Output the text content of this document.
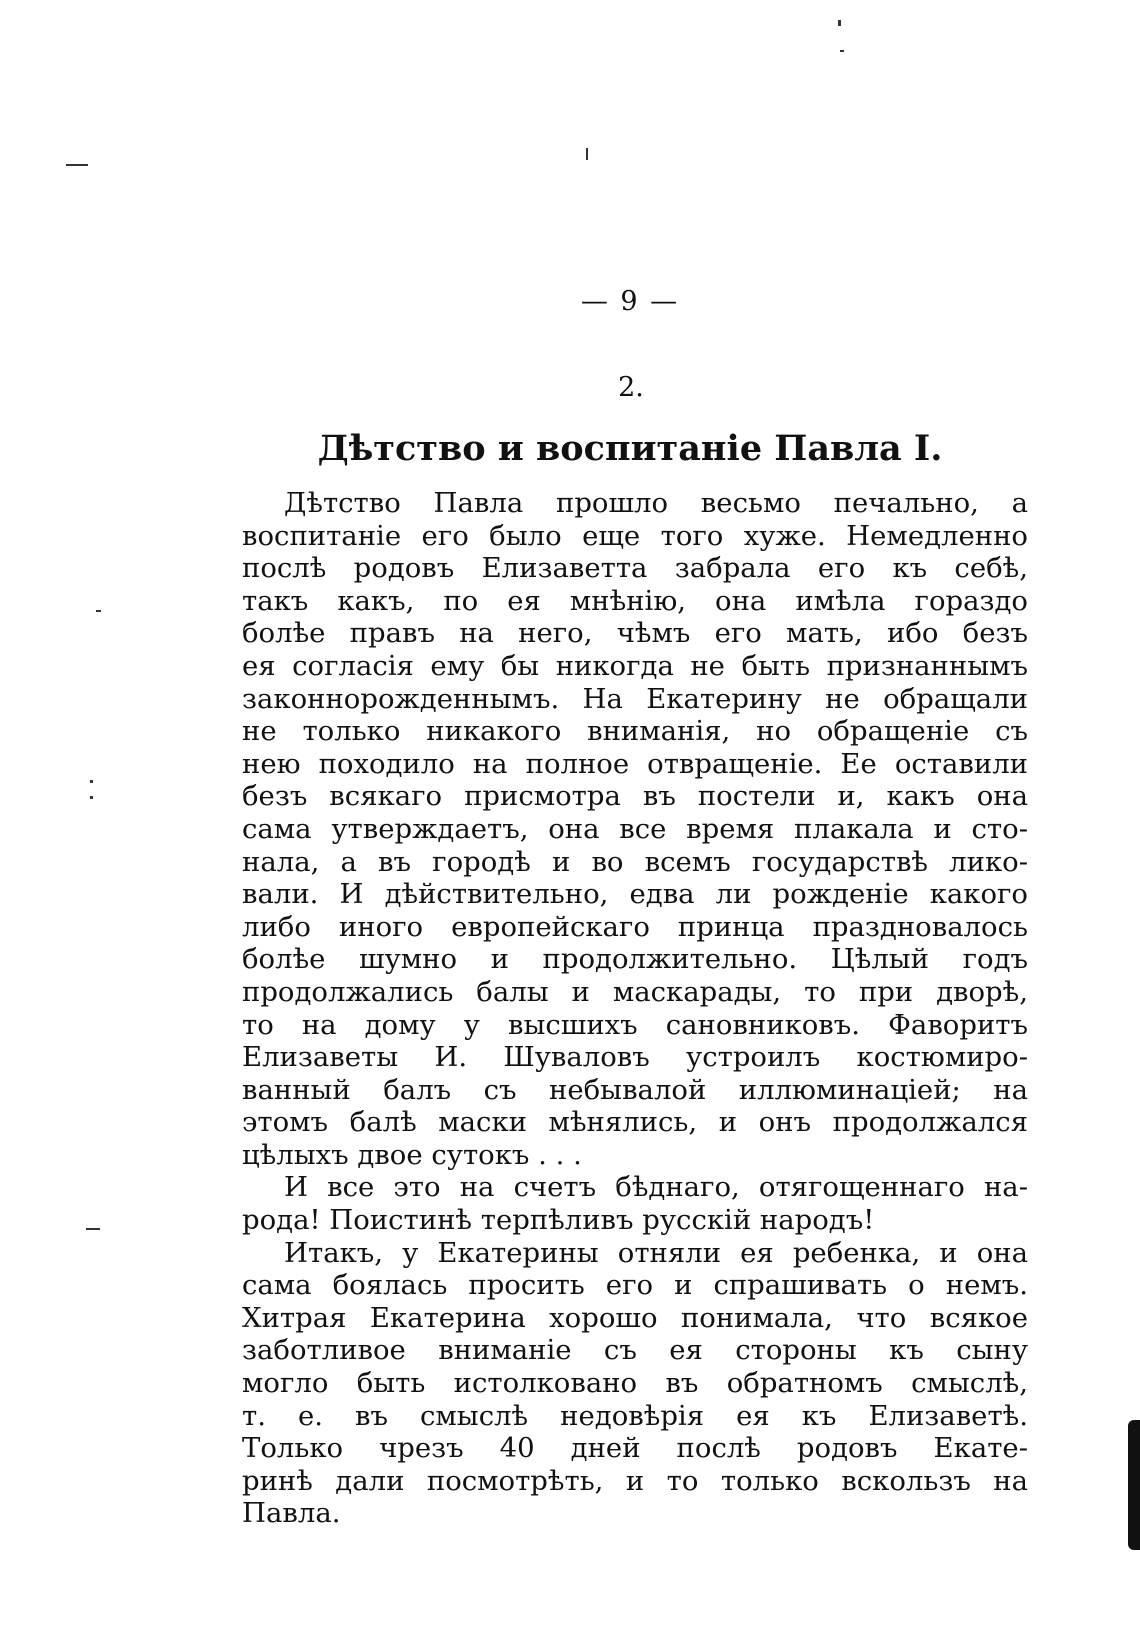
— 9 —
2.
Дѣтство и воспитаніе Павла I.
Дѣтство Павла прошло весьмо печально, а
воспитаніе его было еще того хуже. Немедленно
послѣ родовъ Елизаветта забрала его къ себѣ,
такъ какъ, по ея мнѣнію, она имѣла гораздо
болѣе правъ на него, чѣмъ его мать, ибо безъ
ея согласія ему бы никогда не быть признаннымъ
законнорожденнымъ. На Екатерину не обращали
не только никакого вниманія, но обращеніе съ
нею походило на полное отвращеніе. Ее оставили
безъ всякаго присмотра въ постели и, какъ она
сама утверждаетъ, она все время плакала и сто-
нала, а въ городѣ и во всемъ государствѣ лико-
вали. И дѣйствительно, едва ли рожденіе какого
либо иного европейскаго принца праздновалось
болѣе шумно и продолжительно. Цѣлый годъ
продолжались балы и маскарады, то при дворѣ,
то на дому у высшихъ сановниковъ. Фаворитъ
Елизаветы И. Шуваловъ устроилъ костюмиро-
ванный балъ съ небывалой иллюминаціей; на
этомъ балѣ маски мѣнялись, и онъ продолжался
цѣлыхъ двое сутокъ . . .
И все это на счетъ бѣднаго, отягощеннаго на-
рода! Поистинѣ терпѣливъ русскій народъ!
Итакъ, у Екатерины отняли ея ребенка, и она
сама боялась просить его и спрашивать о немъ.
Хитрая Екатерина хорошо понимала, что всякое
заботливое вниманіе съ ея стороны къ сыну
могло быть истолковано въ обратномъ смыслѣ,
т. е. въ смыслѣ недовѣрія ея къ Елизаветѣ.
Только чрезъ 40 дней послѣ родовъ Екате-
ринѣ дали посмотрѣть, и то только вскользъ на
Павла.
